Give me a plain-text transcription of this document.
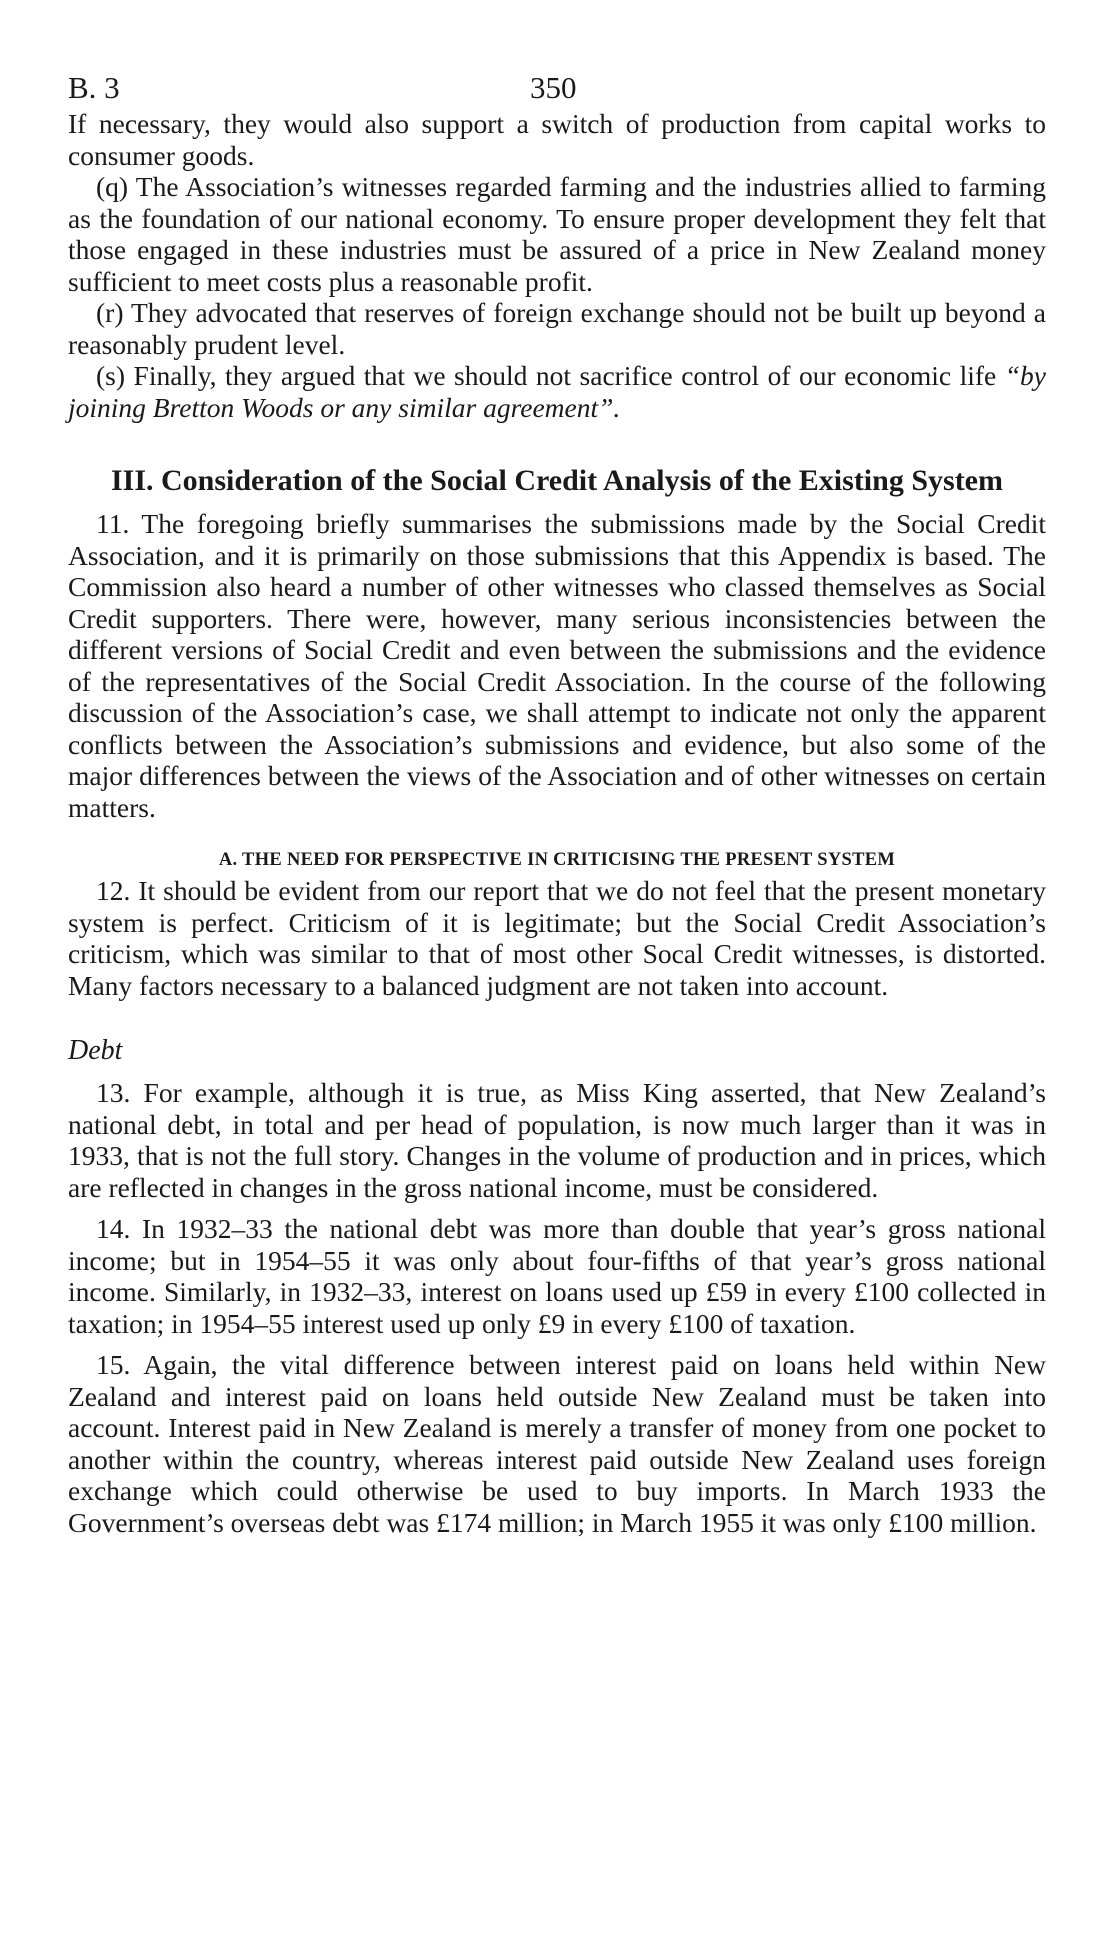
B. 3	350

If necessary, they would also support a switch of production from capital works to consumer goods.

(q) The Association’s witnesses regarded farming and the industries allied to farming as the foundation of our national economy. To ensure proper development they felt that those engaged in these industries must be assured of a price in New Zealand money sufficient to meet costs plus a reasonable profit.

(r) They advocated that reserves of foreign exchange should not be built up beyond a reasonably prudent level.

(s) Finally, they argued that we should not sacrifice control of our economic life “by joining Bretton Woods or any similar agreement”.

III. Consideration of the Social Credit Analysis of the Existing System

11. The foregoing briefly summarises the submissions made by the Social Credit Association, and it is primarily on those submissions that this Appendix is based. The Commission also heard a number of other witnesses who classed themselves as Social Credit supporters. There were, however, many serious inconsistencies between the different versions of Social Credit and even between the submissions and the evidence of the representatives of the Social Credit Association. In the course of the following discussion of the Association’s case, we shall attempt to indicate not only the apparent conflicts between the Association’s submissions and evidence, but also some of the major differences between the views of the Association and of other witnesses on certain matters.

A. THE NEED FOR PERSPECTIVE IN CRITICISING THE PRESENT SYSTEM

12. It should be evident from our report that we do not feel that the present monetary system is perfect. Criticism of it is legitimate; but the Social Credit Association’s criticism, which was similar to that of most other Socal Credit witnesses, is distorted. Many factors necessary to a balanced judgment are not taken into account.

Debt

13. For example, although it is true, as Miss King asserted, that New Zealand’s national debt, in total and per head of population, is now much larger than it was in 1933, that is not the full story. Changes in the volume of production and in prices, which are reflected in changes in the gross national income, must be considered.

14. In 1932–33 the national debt was more than double that year’s gross national income; but in 1954–55 it was only about four-fifths of that year’s gross national income. Similarly, in 1932–33, interest on loans used up £59 in every £100 collected in taxation; in 1954–55 interest used up only £9 in every £100 of taxation.

15. Again, the vital difference between interest paid on loans held within New Zealand and interest paid on loans held outside New Zealand must be taken into account. Interest paid in New Zealand is merely a transfer of money from one pocket to another within the country, whereas interest paid outside New Zealand uses foreign exchange which could otherwise be used to buy imports. In March 1933 the Government’s overseas debt was £174 million; in March 1955 it was only £100 million.
